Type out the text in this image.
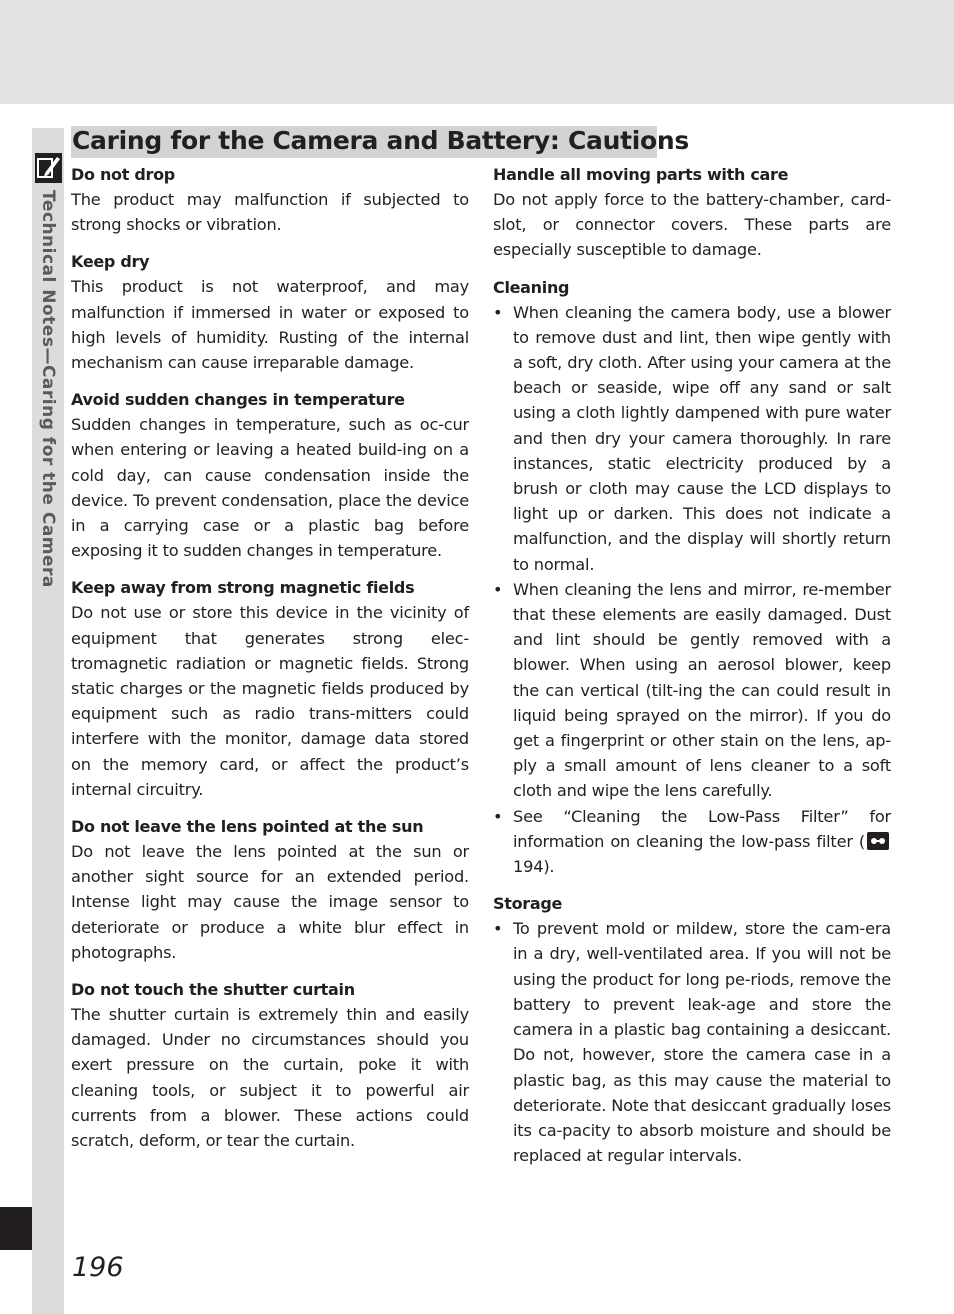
Technical Notes—Caring for the Camera
Caring for the Camera and Battery: Cautions

Do not drop

The product may malfunction if subjected to strong shocks or vibration.

Keep dry

This product is not waterproof, and may malfunction if immersed in water or exposed to high levels of humidity. Rusting of the internal mechanism can cause irreparable damage.

Avoid sudden changes in temperature

Sudden changes in temperature, such as oc-cur when entering or leaving a heated build-ing on a cold day, can cause condensation inside the device. To prevent condensation, place the device in a carrying case or a plastic bag before exposing it to sudden changes in temperature.

Keep away from strong magnetic fields

Do not use or store this device in the vicinity of equipment that generates strong elec-tromagnetic radiation or magnetic fields. Strong static charges or the magnetic fields produced by equipment such as radio trans-mitters could interfere with the monitor, damage data stored on the memory card, or affect the product’s internal circuitry.

Do not leave the lens pointed at the sun

Do not leave the lens pointed at the sun or another sight source for an extended period. Intense light may cause the image sensor to deteriorate or produce a white blur effect in photographs.

Do not touch the shutter curtain

The shutter curtain is extremely thin and easily damaged. Under no circumstances should you exert pressure on the curtain, poke it with cleaning tools, or subject it to powerful air currents from a blower. These actions could scratch, deform, or tear the curtain.

Handle all moving parts with care

Do not apply force to the battery-chamber, card-slot, or connector covers. These parts are especially susceptible to damage.

Cleaning

• When cleaning the camera body, use a blower to remove dust and lint, then wipe gently with a soft, dry cloth. After using your camera at the beach or seaside, wipe off any sand or salt using a cloth lightly dampened with pure water and then dry your camera thoroughly. In rare instances, static electricity produced by a brush or cloth may cause the LCD displays to light up or darken. This does not indicate a malfunction, and the display will shortly return to normal.
• When cleaning the lens and mirror, re-member that these elements are easily damaged. Dust and lint should be gently removed with a blower. When using an aerosol blower, keep the can vertical (tilt-ing the can could result in liquid being sprayed on the mirror). If you do get a fingerprint or other stain on the lens, ap-ply a small amount of lens cleaner to a soft cloth and wipe the lens carefully.
• See “Cleaning the Low-Pass Filter” for information on cleaning the low-pass filter (194).

Storage

• To prevent mold or mildew, store the cam-era in a dry, well-ventilated area. If you will not be using the product for long pe-riods, remove the battery to prevent leak-age and store the camera in a plastic bag containing a desiccant. Do not, however, store the camera case in a plastic bag, as this may cause the material to deteriorate. Note that desiccant gradually loses its ca-pacity to absorb moisture and should be replaced at regular intervals.
196
